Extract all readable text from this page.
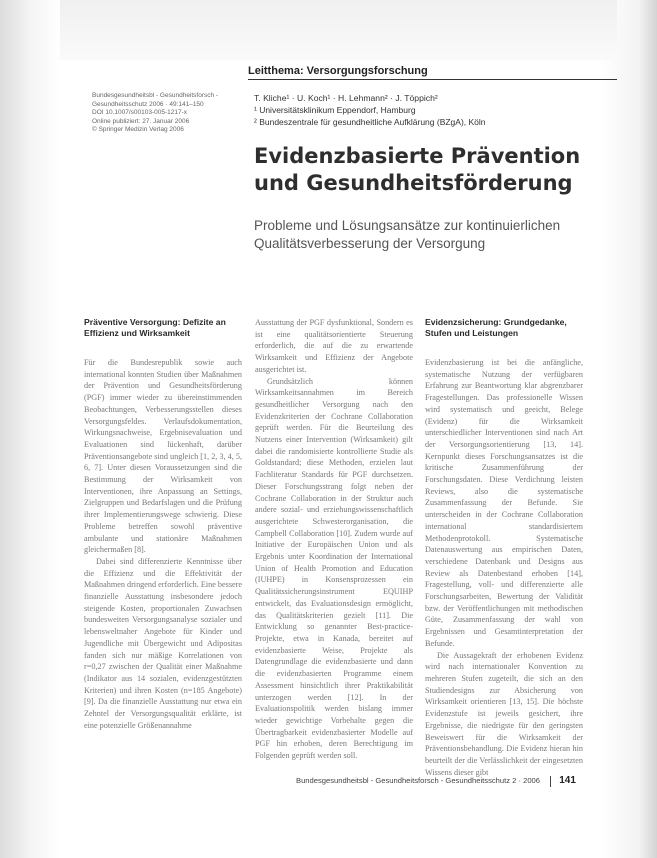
Leitthema: Versorgungsforschung
Bundesgesundheitsbl - Gesundheitsforsch -
Gesundheitsschutz 2006 · 49:141–150
DOI 10.1007/s00103-005-1217-x
Online publiziert: 27. Januar 2006
© Springer Medizin Verlag 2006
T. Kliche¹ · U. Koch¹ · H. Lehmann² · J. Töppich²
¹ Universitätsklinikum Eppendorf, Hamburg
² Bundeszentrale für gesundheitliche Aufklärung (BZgA), Köln
Evidenzbasierte Prävention
und Gesundheitsförderung
Probleme und Lösungsansätze zur kontinuierlichen
Qualitätsverbesserung der Versorgung
Präventive Versorgung: Defizite an Effizienz und Wirksamkeit

Für die Bundesrepublik sowie auch international konnten Studien über Maßnahmen der Prävention und Gesundheitsförderung (PGF) immer wieder zu übereinstimmenden Beobachtungen, Verbesserungsstellen dieses Versorgungsfeldes. Verlaufsdokumentation, Wirkungsnachweise, Ergebnisevaluation und Evaluationen sind lückenhaft, darüber Präventionsangebote sind ungleich [1, 2, 3, 4, 5, 6, 7]. Unter diesen Voraussetzungen sind die Bestimmung der Wirksamkeit von Interventionen, ihre Anpassung an Settings, Zielgruppen und Bedarfslagen und die Prüfung ihrer Implementierungswege schwierig. Diese Probleme betreffen sowohl präventive ambulante und stationäre Maßnahmen gleichermaßen [8].

Dabei sind differenzierte Kenntnisse über die Effizienz und die Effektivität der Maßnahmen dringend erforderlich. Eine bessere finanzielle Ausstattung insbesondere jedoch steigende Kosten, proportionalen Zuwachsen bundesweiten Versorgungsanalyse sozialer und lebensweltnaher Angebote für Kinder und Jugendliche mit Übergewicht und Adipositas fanden sich nur mäßige Korrelationen von r=0,27 zwischen der Qualität einer Maßnahme (Indikator aus 14 sozialen, evidenzgestützten Kriterien) und ihren Kosten (n=185 Angebote) [9]. Da die finanzielle Ausstattung nur etwa ein Zehntel der Versorgungsqualität erklärte, ist eine potenzielle Größenannahme

Ausstattung der PGF dysfunktional, Sondern es ist eine qualitätsorientierte Steuerung erforderlich, die auf die zu erwartende Wirksamkeit und Effizienz der Angebote ausgerichtet ist.

Grundsätzlich können Wirksamkeitsannahmen im Bereich gesundheitlicher Versorgung nach den Evidenzkriterien der Cochrane Collaboration geprüft werden. Für die Beurteilung des Nutzens einer Intervention (Wirksamkeit) gilt dabei die randomisierte kontrollierte Studie als Goldstandard; diese Methoden, erzielen laut Fachliteratur Standards für PGF durchsetzen. Dieser Forschungsstrang folgt neben der Cochrane Collaboration in der Struktur auch andere sozial- und erziehungswissenschaftlich ausgerichtete Schwesterorganisation, die Campbell Collaboration [10]. Zudem wurde auf Initiative der Europäischen Union und als Ergebnis unter Koordination der International Union of Health Promotion and Education (IUHPE) in Konsensprozessen ein Qualitätssicherungsinstrument EQUIHP entwickelt, das Evaluationsdesign ermöglicht, das Qualitätskriterien gezielt [11]. Die Entwicklung so genannter Best-practice-Projekte, etwa in Kanada, bereitet auf evidenzbasierte Weise, Projekte als Datengrundlage die evidenzbasierte und dann die evidenzbasierten Programme einem Assessment hinsichtlich ihrer Praktikabilität unterzogen werden [12]. In der Evaluationspolitik werden bislang immer wieder gewichtige Vorbehalte gegen die Übertragbarkeit evidenzbasierter Modelle auf PGF hin erhoben, deren Berechtigung im Folgenden geprüft werden soll.

Evidenzsicherung: Grundgedanke, Stufen und Leistungen

Evidenzbasierung ist bei die anfängliche, systematische Nutzung der verfügbaren Erfahrung zur Beantwortung klar abgrenzbarer Fragestellungen. Das professionelle Wissen wird systematisch und geeicht, Belege (Evidenz) für die Wirksamkeit unterschiedlicher Interventionen sind nach Art der Versorgungsorientierung [13, 14]. Kernpunkt dieses Forschungsansatzes ist die kritische Zusammenführung der Forschungsdaten. Diese Verdichtung leisten Reviews, also die systematische Zusammenfassung der Befunde. Sie unterscheiden in der Cochrane Collaboration international standardisiertem Methodenprotokoll. Systematische Datenauswertung aus empirischen Daten, verschiedene Datenbank und Designs aus Review als Datenbestand erhoben [14], Fragestellung, voll- und differenzierte alle Forschungsarbeiten, Bewertung der Validität bzw. der Veröffentlichungen mit methodischen Güte, Zusammenfassung der wahl von Ergebnissen und Gesamtinterpretation der Befunde.

Die Aussagekraft der erhobenen Evidenz wird nach internationaler Konvention zu mehreren Stufen zugeteilt, die sich an den Studiendesigns zur Absicherung von Wirksamkeit orientieren [13, 15]. Die höchste Evidenzstufe ist jeweils gesichert, ihre Ergebnisse, die niedrigste für den geringsten Beweiswert für die Wirksamkeit der Präventionsbehandlung. Die Evidenz hieran hin beurteilt der die Verlässlichkeit der eingesetzten Wissens dieser gibt

Bundesgesundheitsbl - Gesundheitsforsch - Gesundheitsschutz 2 · 2006 141
